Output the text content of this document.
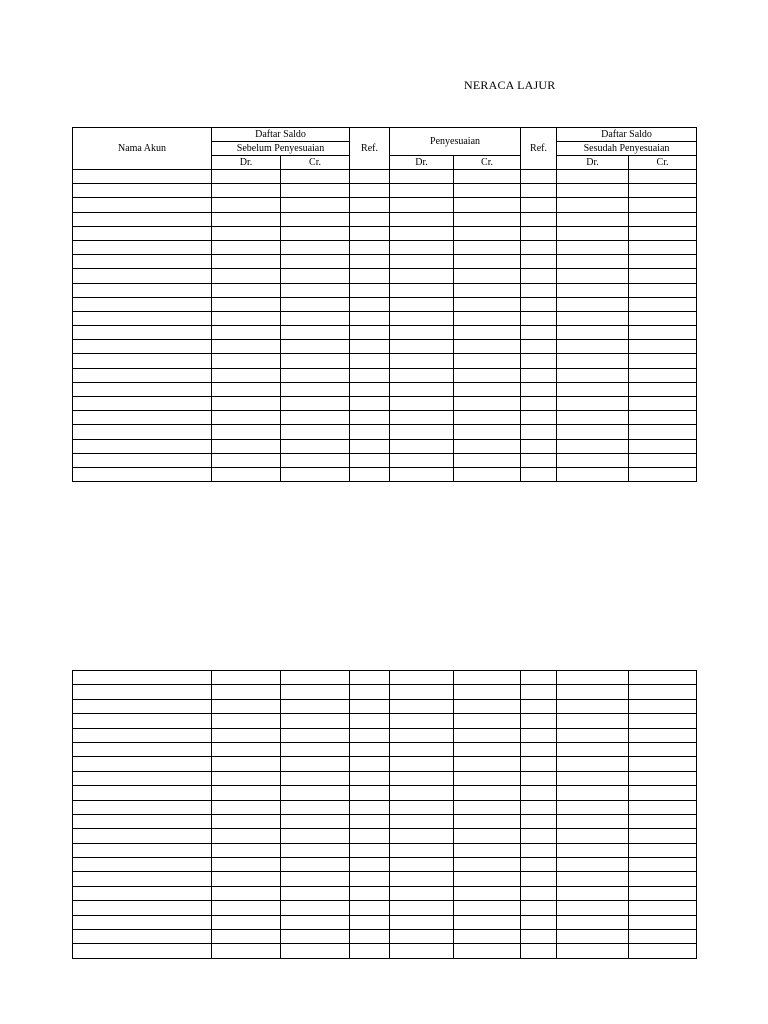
NERACA LAJUR
Nama Akun	Daftar Saldo		Ref.	Penyesuaian		Ref.	Daftar Saldo	
	Sebelum Penyesuaian						Sesudah Penyesuaian	
	Dr.	Cr.		Dr.	Cr.		Dr.	Cr.
